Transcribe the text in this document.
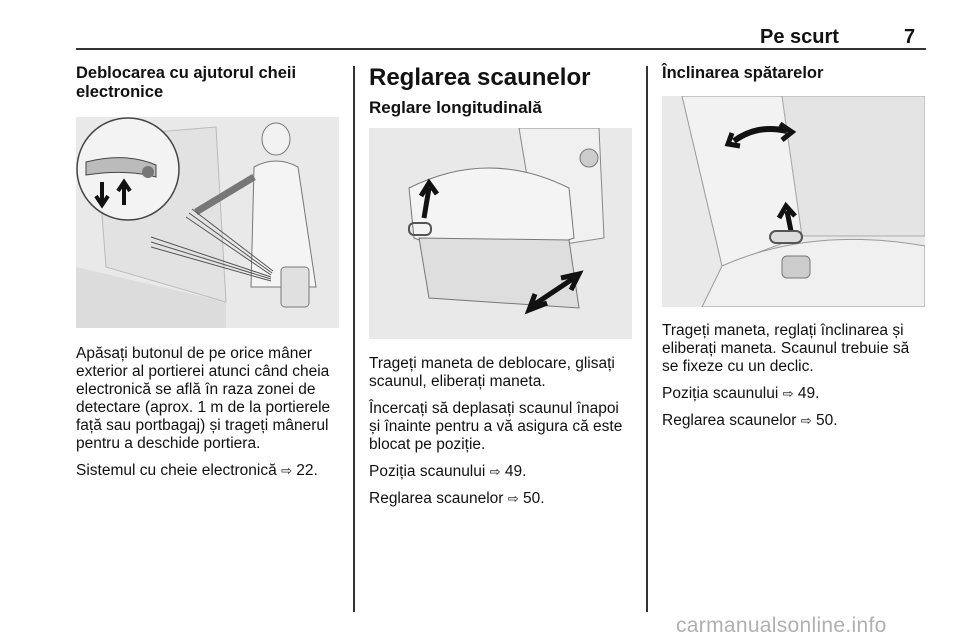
Pe scurt	7
Deblocarea cu ajutorul cheii electronice

Apăsați butonul de pe orice mâner exterior al portierei atunci când cheia electronică se află în raza zonei de detectare (aprox. 1 m de la portierele față sau portbagaj) și trageți mânerul pentru a deschide portiera.

Sistemul cu cheie electronică ⇨ 22.

Reglarea scaunelor
Reglare longitudinală

Trageți maneta de deblocare, glisați scaunul, eliberați maneta.

Încercați să deplasați scaunul înapoi și înainte pentru a vă asigura că este blocat pe poziție.

Poziția scaunului ⇨ 49.

Reglarea scaunelor ⇨ 50.

Înclinarea spătarelor

Trageți maneta, reglați înclinarea și eliberați maneta. Scaunul trebuie să se fixeze cu un declic.

Poziția scaunului ⇨ 49.

Reglarea scaunelor ⇨ 50.

carmanualsonline.info
